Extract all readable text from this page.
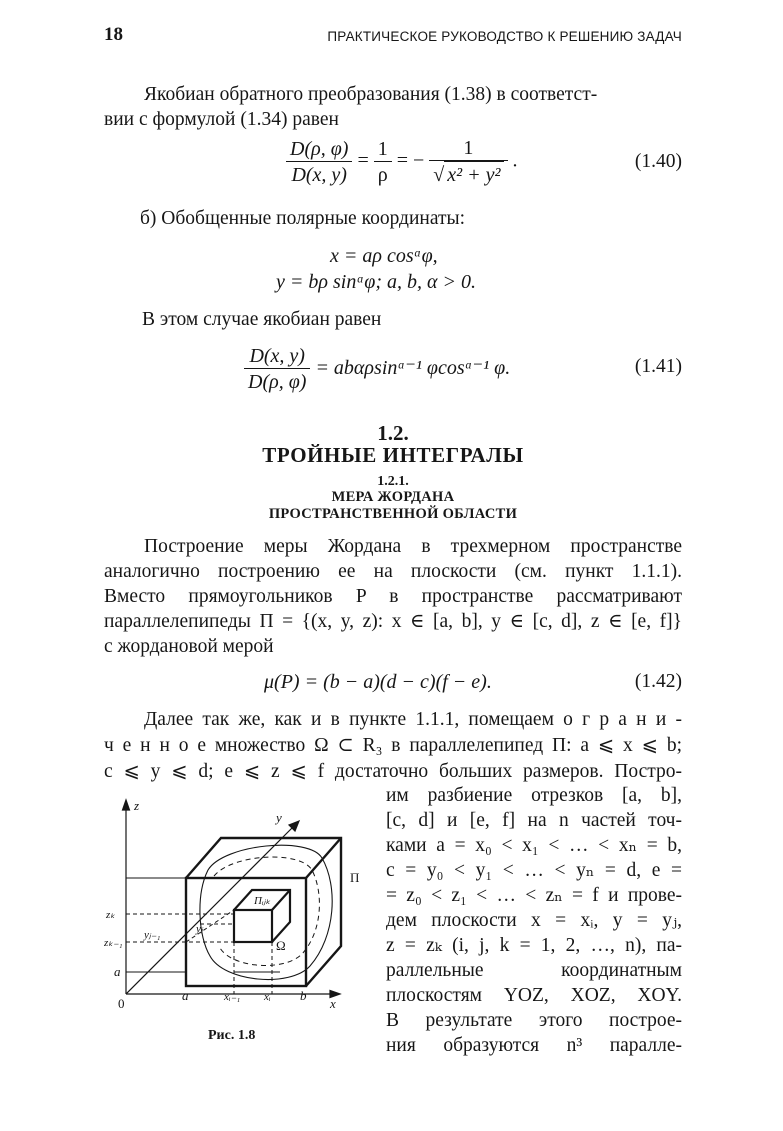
18	ПРАКТИЧЕСКОЕ РУКОВОДСТВО К РЕШЕНИЮ ЗАДАЧ
Якобиан обратного преобразования (1.38) в соответст-
вии с формулой (1.34) равен
$\frac{D(\rho, \varphi)}{D(x, y)} = \frac{1}{\rho}$ = − $\frac{1}{\text{√ x² + y²}}$ .	(1.40)
б) Обобщенные полярные координаты:
x = aρ cosᵅφ,
y = bρ sinᵅφ; a, b, α > 0.
В этом случае якобиан равен
$\frac{D(x, y)}{D(\rho, \varphi)}$ = abαρsinᵅ⁻¹ φcosᵅ⁻¹ φ.	(1.41)
1.2.
ТРОЙНЫЕ ИНТЕГРАЛЫ
1.2.1.
МЕРА ЖОРДАНА
ПРОСТРАНСТВЕННОЙ ОБЛАСТИ
Построение меры Жордана в трехмерном пространстве
аналогично построению ее на плоскости (см. пункт 1.1.1).
Вместо прямоугольников P в пространстве рассматривают
параллелепипеды Π = {(x, y, z): x ∈ [a, b], y ∈ [c, d], z ∈ [e, f]}
с жордановой мерой
μ(P) = (b − a)(d − c)(f − e).	(1.42)
Далее так же, как и в пункте 1.1.1, помещаем о г р а н и -
ч е н н о е множество Ω ⊂ R₃ в параллелепипед Π: a ⩽ x ⩽ b;
c ⩽ y ⩽ d; e ⩽ z ⩽ f достаточно больших размеров. Постро-
им разбиение отрезков [a, b],
[c, d] и [e, f] на n частей точ-
ками a = x₀ < x₁ < … < xₙ = b,
c = y₀ < y₁ < … < yₙ = d, e =
= z₀ < z₁ < … < zₙ = f и прове-
дем плоскости x = xᵢ, y = yⱼ,
z = zₖ (i, j, k = 1, 2, …, n), па-
раллельные координатным
плоскостям YOZ, XOZ, XOY.
В результате этого построе-
ния образуются n³ паралле-
z
y
x
0
a
a	b
xᵢ₋₁ xᵢ
zₖ
zₖ₋₁
yⱼ₋₁	yⱼ
Πᵢⱼₖ
Ω
Π
Рис. 1.8
